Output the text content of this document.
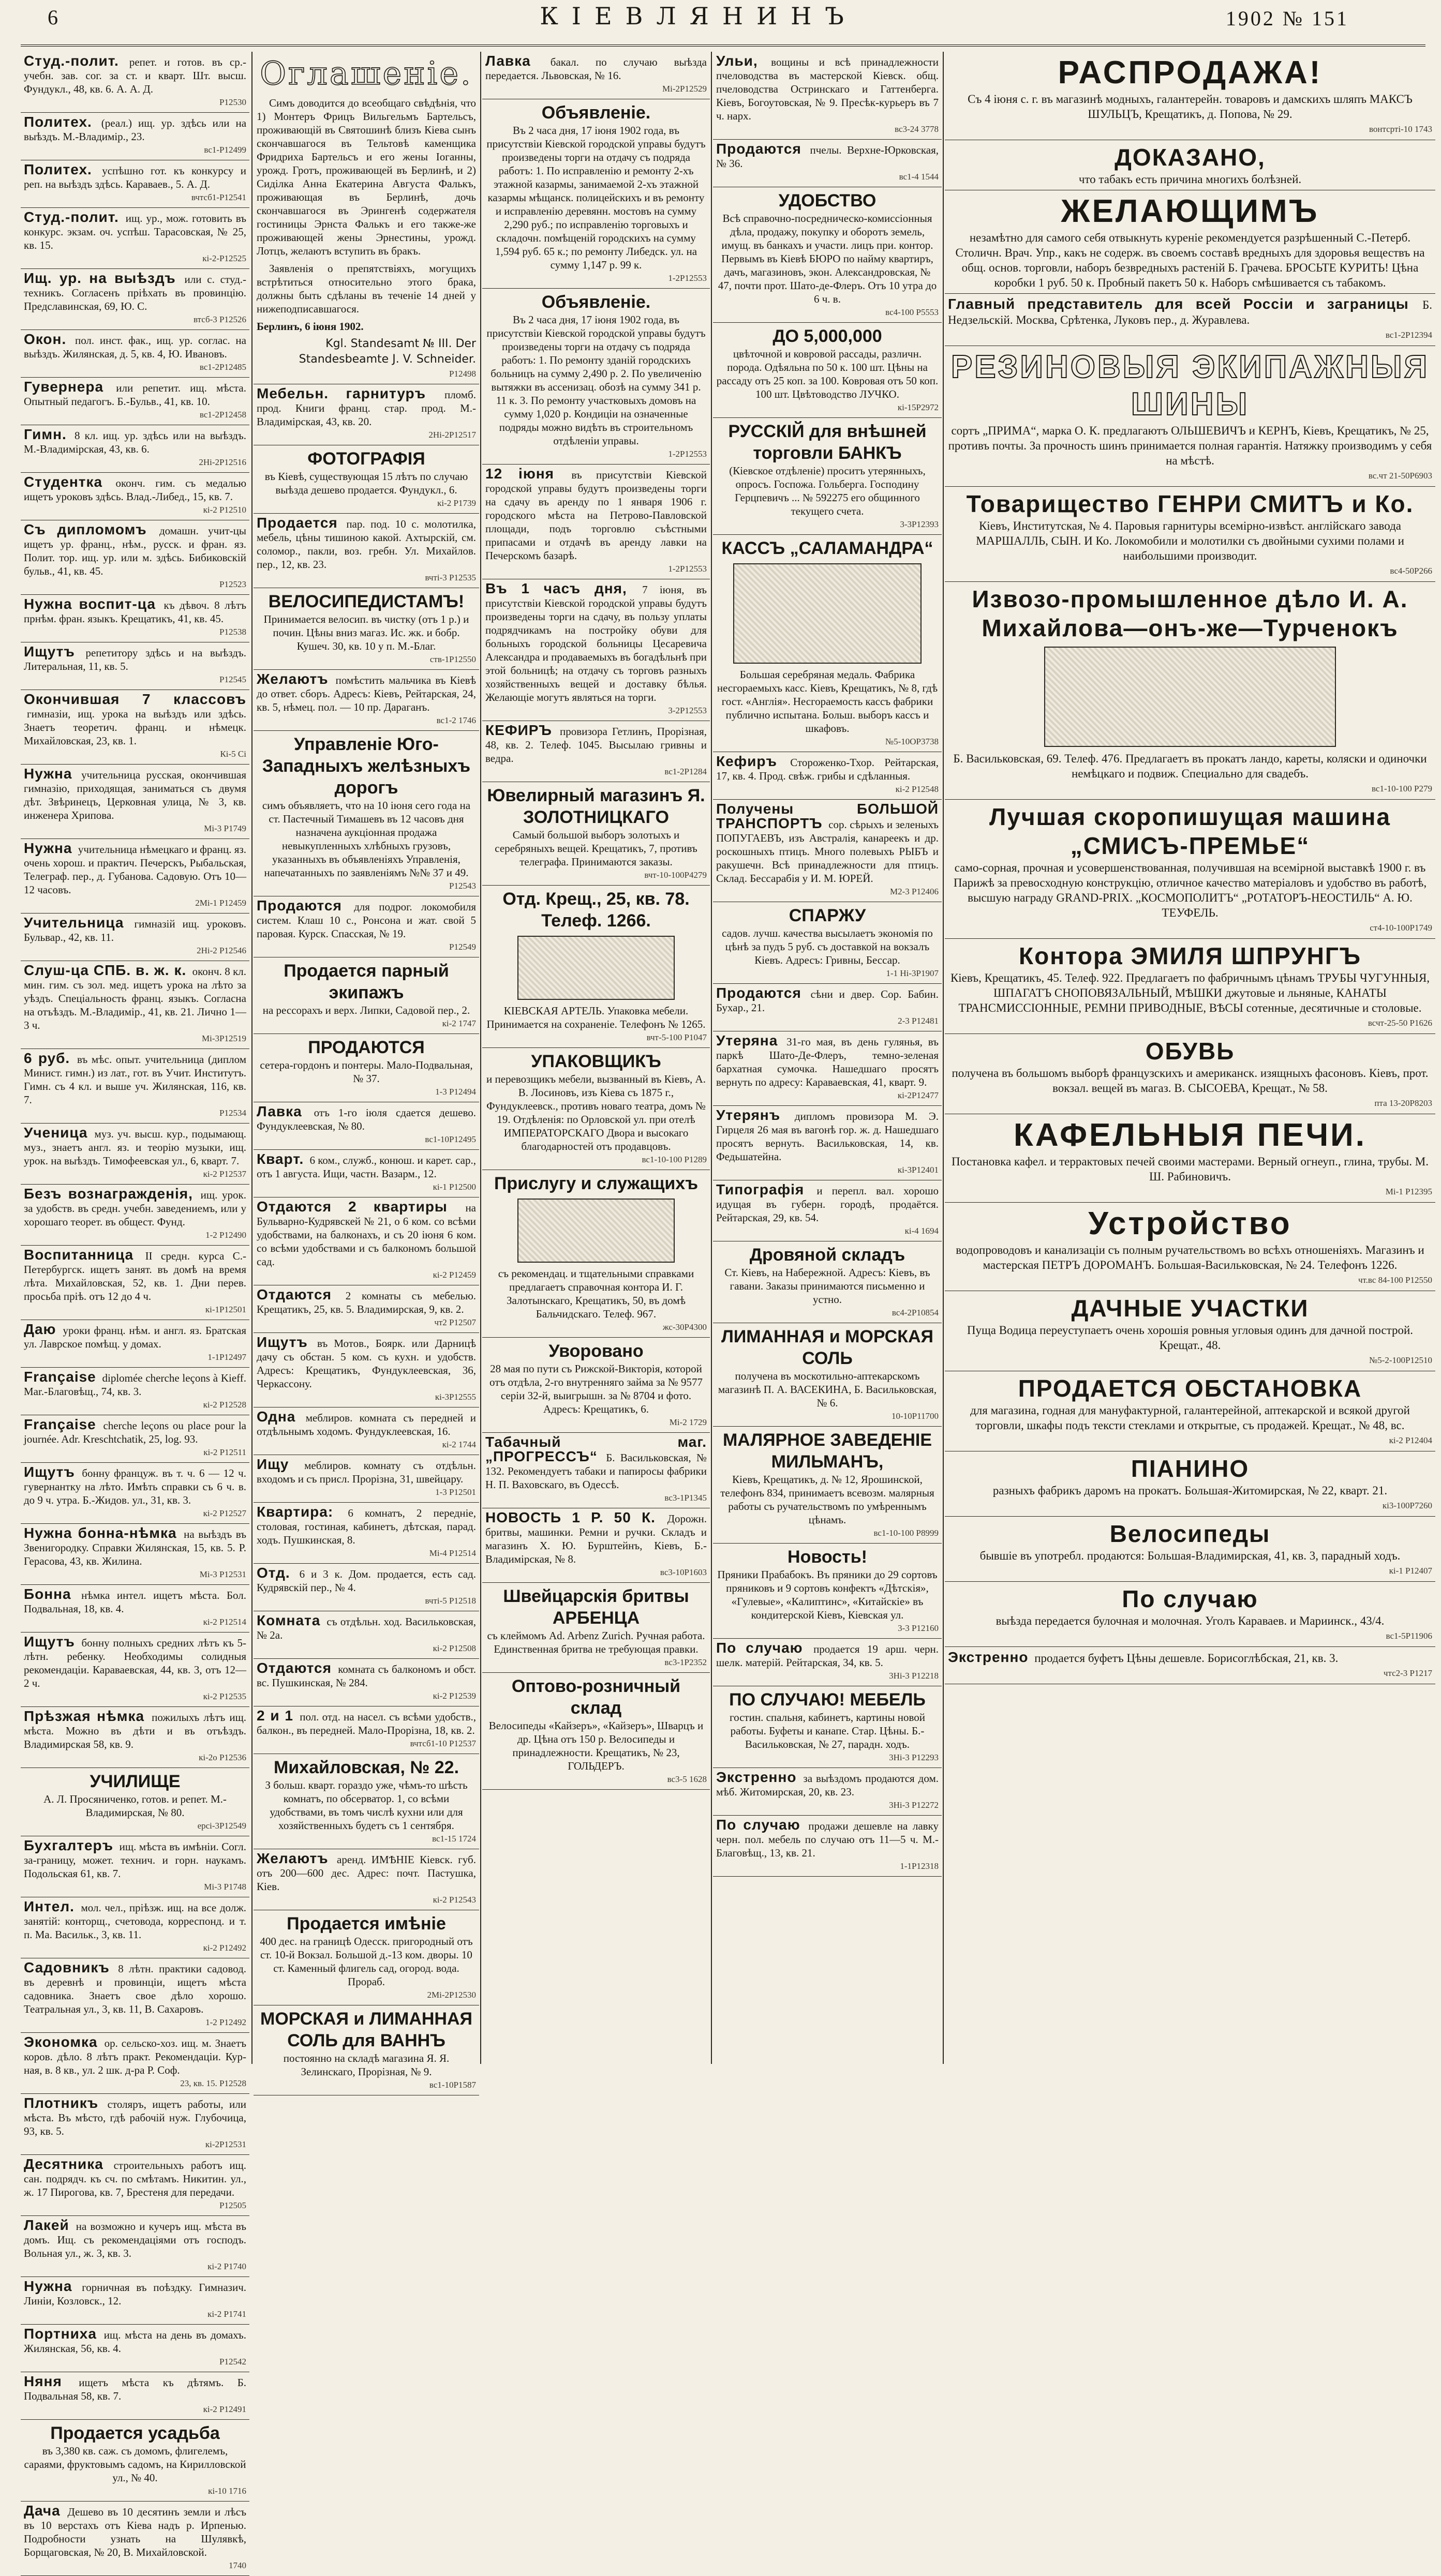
6	КІЕВЛЯНИНЪ	1902 № 151
Студ.-полит. репет. и готов. въ ср.-учебн. зав. сог. за ст. и кварт. Шт. высш. Фундукл., 48, кв. 6. А. А. Д.
Р12530
Политех. (реал.) ищ. ур. здѣсь или на выѣздъ. М.-Владимір., 23.
вс1-Р12499
Политех. успѣшно гот. къ конкурсу и реп. на выѣздъ здѣсь. Караваев., 5. А. Д.
вчтсб1-Р12541
Студ.-полит. ищ. ур., мож. готовить въ конкурс. экзам. оч. успѣш. Тарасовская, № 25, кв. 15.
кі-2-Р12525
Ищ. ур. на выѣздъ или с. студ.-техникъ. Согласенъ пріѣхать въ провинцію. Предславинская, 69, Ю. С.
втсб-3 Р12526
Окон. пол. инст. фак., ищ. ур. соглас. на выѣздъ. Жилянская, д. 5, кв. 4, Ю. Ивановъ.
вс1-2Р12485
Гувернера или репетит. ищ. мѣста. Опытный педагогъ. Б.-Бульв., 41, кв. 10.
вс1-2Р12458
Гимн. 8 кл. ищ. ур. здѣсь или на выѣздъ. М.-Владимірская, 43, кв. 6.
2Ні-2Р12516
Студентка оконч. гим. съ медалью ищетъ уроковъ здѣсь. Влад.-Либед., 15, кв. 7.
кі-2 Р12510
Съ дипломомъ домашн. учит-цы ищетъ ур. франц., нѣм., русск. и фран. яз. Полит. тор. ищ. ур. или м. здѣсь. Бибиковскій бульв., 41, кв. 45.
Р12523
Нужна воспит-ца къ дѣвоч. 8 лѣтъ прнѣм. фран. языкъ. Крещатикъ, 41, кв. 45.
Р12538
Ищутъ репетитору здѣсь и на выѣздъ. Литеральная, 11, кв. 5.
Р12545
Окончившая 7 классовъ гимназіи, ищ. урока на выѣздъ или здѣсь. Знаетъ теоретич. франц. и нѣмецк. Михайловская, 23, кв. 1.
Кі-5 Сі
Нужна учительница русская, окончившая гимназію, приходящая, заниматься съ двумя дѣт. Звѣринецъ, Церковная улица, № 3, кв. инженера Хрипова.
Мі-3 Р1749
Нужна учительница нѣмецкаго и франц. яз. очень хорош. и практич. Печерскъ, Рыбальская, Телеграф. пер., д. Губанова. Садовую. Отъ 10—12 часовъ.
2Мі-1 Р12459
Учительница гимназій ищ. уроковъ. Бульвар., 42, кв. 11.
2Ні-2 Р12546
Слуш-ца СПБ. в. ж. к. оконч. 8 кл. мин. гим. съ зол. мед. ищетъ урока на лѣто за уѣздъ. Спеціальность франц. языкъ. Согласна на отъѣздъ. М.-Владимір., 41, кв. 21. Лично 1—3 ч.
Мі-3Р12519
6 руб. въ мѣс. опыт. учительница (диплом Минист. гимн.) из лат., гот. въ Учит. Институтъ. Гимн. съ 4 кл. и выше уч. Жилянская, 116, кв. 7.
Р12534
Ученица муз. уч. высш. кур., подымающ. муз., знаетъ англ. яз. и теорію музыки, ищ. урок. на выѣздъ. Тимофеевская ул., 6, кварт. 7.
кі-2 Р12537
Безъ вознагражденія, ищ. урок. за удобств. въ средн. учебн. заведениемъ, или у хорошаго теорет. въ общест. Фунд.
1-2 Р12490
Воспитанница II средн. курса С.-Петербургск. ищетъ занят. въ домѣ на время лѣта. Михайловская, 52, кв. 1. Дни перев. просьба пріѣ. отъ 12 до 4 ч.
кі-1Р12501
Даю уроки франц. нѣм. и англ. яз. Братская ул. Лаврское помѣщ. у домах.
1-1Р12497
Française diplomée cherche leçons à Kieff. Mar.-Благовѣщ., 74, кв. 3.
кі-2 Р12528
Française cherche leçons ou place pour la journée. Adr. Kreschtchatik, 25, log. 93.
кі-2 Р12511
Ищутъ бонну француж. въ т. ч. 6 — 12 ч. гувернантку на лѣто. Имѣть справки съ 6 ч. в. до 9 ч. утра. Б.-Жидов. ул., 31, кв. 3.
кі-2 Р12527
Нужна бонна-нѣмка на выѣздъ въ Звенигородку. Справки Жилянская, 15, кв. 5. Р. Герасова, 43, кв. Жилина.
Мі-3 Р12531
Бонна нѣмка интел. ищетъ мѣста. Бол. Подвальная, 18, кв. 4.
кі-2 Р12514
Ищутъ бонну полныхъ средних лѣтъ къ 5-лѣтн. ребенку. Необходимы солидныя рекомендаціи. Караваевская, 44, кв. 3, отъ 12—2 ч.
кі-2 Р12535
Прѣзжая нѣмка пожилыхъ лѣтъ ищ. мѣста. Можно въ дѣти и въ отъѣздъ. Владимирская 58, кв. 9.
кі-2о Р12536
УЧИЛИЩЕ
А. Л. Просяниченко, готов. и репет. М.-Владимирская, № 80.
ерсі-3Р12549
Бухгалтеръ ищ. мѣста въ имѣніи. Согл. за-границу, может. технич. и горн. наукамъ. Подольская 61, кв. 7.
Мі-3 Р1748
Интел. мол. чел., пріѣзж. ищ. на все долж. занятій: конторщ., счетовода, корреспонд. и т. п. Ма. Васильк., 3, кв. 11.
кі-2 Р12492
Садовникъ 8 лѣтн. практики садовод. въ деревнѣ и провинціи, ищетъ мѣста садовника. Знаетъ свое дѣло хорошо. Театральная ул., 3, кв. 11, В. Сахаровъ.
1-2 Р12492
Экономка ор. сельско-хоз. ищ. м. Знаетъ коров. дѣло. 8 лѣтъ практ. Рекомендаціи. Кур-ная, в. 8 кв., ул. 2 шк. д-ра Р. Соф.
23, кв. 15. Р12528
Плотникъ столяръ, ищетъ работы, или мѣста. Въ мѣсто, гдѣ рабочій нуж. Глубочица, 93, кв. 5.
кі-2Р12531
Десятника строительныхъ работъ ищ. сан. подрядч. къ сч. по смѣтамъ. Никитин. ул., ж. 17 Пирогова, кв. 7, Брестеня для передачи.
Р12505
Лакей на возможно и кучеръ ищ. мѣста въ домъ. Ищ. съ рекомендаціями отъ господъ. Вольная ул., ж. 3, кв. 3.
кі-2 Р1740
Нужна горничная въ поѣздку. Гимназич. Линіи, Козловск., 12.
кі-2 Р1741
Портниха ищ. мѣста на день въ домахъ. Жилянская, 56, кв. 4.
Р12542
Няня ищетъ мѣста къ дѣтямъ. Б. Подвальная 58, кв. 7.
кі-2 Р12491
Продается усадьба
въ 3,380 кв. саж. съ домомъ, флигелемъ, сараями, фруктовымъ садомъ, на Кирилловской ул., № 40.
кі-10 1716
Дача Дешево въ 10 десятинъ земли и лѣсъ въ 10 верстахъ отъ Кіева надъ р. Ирпенью. Подробности узнать на Шулявкѣ, Борщаговская, № 20, В. Михайловской.
1740
Оглашеніе.
Симъ доводится до всеобщаго свѣдѣнія, что 1) Монтеръ Фрицъ Вильгельмъ Бартельсъ, проживающій въ Святошинѣ близъ Кіева сынъ скончавшагося въ Тельтовѣ каменщика Фридриха Бартельсъ и его жены Іоганны, урожд. Гротъ, проживающей въ Берлинѣ, и 2) Сиділка Анна Екатерина Августа Фалькъ, проживающая въ Берлинѣ, дочь скончавшагося въ Эрингенѣ содержателя гостиницы Эрнста Фалькъ и его также-же проживающей жены Эрнестины, урожд. Лотцъ, желаютъ вступить въ бракъ.
Заявленія о препятствіяхъ, могущихъ встрѣтиться относительно этого брака, должны быть сдѣланы въ теченіе 14 дней у нижеподписавшагося.
Берлинъ, 6 іюня 1902.
Kgl. Standesamt № III. Der Standesbeamte J. V. Schneider.
Р12498
Мебельн. гарнитуръ пломб. прод. Книги франц. стар. прод. М.-Владимірская, 43, кв. 20.
2Ні-2Р12517
ФОТОГРАФІЯ
въ Кіевѣ, существующая 15 лѣтъ по случаю выѣзда дешево продается. Фундукл., 6.
кі-2 Р1739
Продается пар. под. 10 с. молотилка, мебель, цѣны тишиною какой. Ахтырскій, см. соломор., пакли, воз. гребн. Ул. Михайлов. пер., 12, кв. 23.
вчті-3 Р12535
ВЕЛОСИПЕДИСТАМЪ!
Принимается велосип. въ чистку (отъ 1 р.) и почин. Цѣны вниз магаз. Ис. жк. и бобр. Кушеч. 30, кв. 10 у п. М.-Благ.
ств-1Р12550
Желаютъ помѣстить мальчика въ Кіевѣ до ответ. сборъ. Адресъ: Кіевъ, Рейтарская, 24, кв. 5, нѣмец. пол. — 10 пр. Дараганъ.
вс1-2 1746
Управленіе Юго-Западныхъ желѣзныхъ дорогъ
симъ объявляетъ, что на 10 іюня сего года на ст. Пастечный Тимашевъ въ 12 часовъ дня назначена аукціонная продажа невыкупленныхъ хлѣбныхъ грузовъ, указанныхъ въ объявленіяхъ Управленія, напечатанныхъ по заявленіямъ №№ 37 и 49.
Р12543
Продаются для подрог. локомобиля систем. Клаш 10 с., Ронсона и жат. свой 5 паровая. Курск. Спасская, № 19.
Р12549
Продается парный экипажъ
на рессорахъ и верх. Липки, Садовой пер., 2.
кі-2 1747
ПРОДАЮТСЯ
сетера-гордонъ и понтеры. Мало-Подвальная, № 37.
1-3 Р12494
Лавка отъ 1-го іюля сдается дешево. Фундуклеевская, № 80.
вс1-10Р12495
Кварт. 6 ком., служб., конюш. и карет. сар., отъ 1 августа. Ищи, частн. Вазарм., 12.
кі-1 Р12500
Отдаются 2 квартиры на Бульварно-Кудрявскей № 21, о 6 ком. со всѣми удобствами, на балконахъ, и съ 20 іюня 6 ком. со всѣми удобствами и съ балкономъ большой сад.
кі-2 Р12459
Отдаются 2 комнаты съ мебелью. Крещатикъ, 25, кв. 5. Владимирская, 9, кв. 2.
чт2 Р12507
Ищутъ въ Мотов., Боярк. или Дарницѣ дачу съ обстан. 5 ком. съ кухн. и удобств. Адресъ: Крещатикъ, Фундуклеевская, 36, Черкассону.
кі-3Р12555
Одна меблиров. комната съ передней и отдѣльнымъ ходомъ. Фундуклеевская, 16.
кі-2 1744
Ищу меблиров. комнату съ отдѣльн. входомъ и съ присл. Прорізна, 31, швейцару.
1-3 Р12501
Квартира: 6 комнатъ, 2 передніе, столовая, гостиная, кабинетъ, дѣтская, парад. ходъ. Пушкинская, 8.
Мі-4 Р12514
Отд. 6 и 3 к. Дом. продается, есть сад. Кудрявскій пер., № 4.
вчті-5 Р12518
Комната съ отдѣльн. ход. Васильковская, № 2а.
кі-2 Р12508
Отдаются комната съ балкономъ и обст. вс. Пушкинская, № 284.
кі-2 Р12539
2 и 1 пол. отд. на насел. съ всѣми удобств., балкон., въ передней. Мало-Прорізна, 18, кв. 2.
вчтсб1-10 Р12537
Михайловская, № 22.
З больш. кварт. гораздо уже, чѣмъ-то шѣсть комнатъ, по обсерватор. 1, со всѣми удобствами, въ томъ числѣ кухни или для хозяйственныхъ будетъ съ 1 сентября.
вс1-15 1724
Желаютъ аренд. ИМѢНІЕ Кіевск. губ. отъ 200—600 дес. Адрес: почт. Пастушка, Кіев.
кі-2 Р12543
Продается имѣніе
400 дес. на границѣ Одесск. пригородный отъ ст. 10-й Вокзал. Большой д.-13 ком. дворы. 10 ст. Каменный флигель сад, огород. вода. Прораб.
2Мі-2Р12530
МОРСКАЯ и ЛИМАННАЯ СОЛЬ для ВАННЪ
постоянно на складѣ магазина Я. Я. Зелинскаго, Прорізная, № 9.
вс1-10Р1587
Лавка бакал. по случаю выѣзда передается. Львовская, № 16.
Мі-2Р12529
Объявленіе.
Въ 2 часа дня, 17 іюня 1902 года, въ присутствіи Кіевской городской управы будутъ произведены торги на отдачу съ подряда работъ: 1. По исправленію и ремонту 2-хъ этажной казармы, занимаемой 2-хъ этажной казармы мѣщанск. полицейскихъ и въ ремонту и исправленію деревянн. мостовъ на сумму 2,290 руб.; по исправленію торговыхъ и складочн. помѣщеній городскихъ на сумму 1,594 руб. 65 к.; по ремонту Либедск. ул. на сумму 1,147 р. 99 к.
1-2Р12553
Объявленіе.
Въ 2 часа дня, 17 іюня 1902 года, въ присутствіи Кіевской городской управы будутъ произведены торги на отдачу съ подряда работъ: 1. По ремонту зданій городскихъ больницъ на сумму 2,490 р. 2. По увеличенію вытяжки въ ассенизац. обозѣ на сумму 341 р. 11 к. 3. По ремонту участковыхъ домовъ на сумму 1,020 р. Кондиціи на означенные подряды можно видѣть въ строительномъ отдѣленіи управы.
1-2Р12553
12 іюня въ присутствіи Кіевской городской управы будутъ произведены торги на сдачу въ аренду по 1 января 1906 г. городского мѣста на Петрово-Павловской площади, подъ торговлю съѣстными припасами и отдачѣ въ аренду лавки на Печерскомъ базарѣ.
1-2Р12553
Въ 1 часъ дня, 7 іюня, въ присутствіи Кіевской городской управы будутъ произведены торги на сдачу, въ пользу уплаты подрядчикамъ на постройку обуви для больныхъ городской больницы Цесаревича Александра и продаваемыхъ въ богадѣльнѣ при этой больницѣ; на отдачу съ торговъ разныхъ хозяйственныхъ вещей и доставку бѣлья. Желающіе могутъ являться на торги.
3-2Р12553
КЕФИРЪ провизора Гетлинъ, Прорізная, 48, кв. 2. Телеф. 1045. Высылаю гривны и ведра.
вс1-2Р1284
Ювелирный магазинъ Я. ЗОЛОТНИЦКАГО
Самый большой выборъ золотыхъ и серебряныхъ вещей. Крещатикъ, 7, противъ телеграфа. Принимаются заказы.
вчт-10-100Р4279
Отд. Крещ., 25, кв. 78. Телеф. 1266.
КІЕВСКАЯ АРТЕЛЬ. Упаковка мебели. Принимается на сохраненіе. Телефонъ № 1265.
вчт-5-100 Р1047
УПАКОВЩИКЪ
и перевозщикъ мебели, вызванный въ Кіевъ, А. В. Лосиновъ, изъ Кіева съ 1875 г., Фундуклеевск., противъ новаго театра, домъ № 19. Отдѣленія: по Орловской ул. при отелѣ ИМПЕРАТОРСКАГО Двора и высокаго благодарностей отъ продавцовъ.
вс1-10-100 Р1289
Прислугу и служащихъ
съ рекомендац. и тщательными справками предлагаетъ справочная контора И. Г. Залотынскаго, Крещатикъ, 50, въ домѣ Бальчидскаго. Телеф. 967.
жс-30Р4300
Уворовано
28 мая по пути съ Рижской-Викторія, которой отъ отдѣла, 2-го внутренняго займа за № 9577 серіи 32-й, выигрышн. за № 8704 и фото. Адресъ: Крещатикъ, 6.
Мі-2 1729
Табачный маг. „ПРОГРЕССЪ“ Б. Васильковская, № 132. Рекомендуетъ табаки и папиросы фабрики Н. П. Ваховскаго, въ Одессѣ.
вс3-1Р1345
НОВОСТЬ 1 Р. 50 К. Дорожн. бритвы, машинки. Ремни и ручки. Складъ и магазинъ Х. Ю. Бурштейнъ, Кіевъ, Б.-Владимірская, № 8.
вс3-10Р1603
Швейцарскія бритвы АРБЕНЦА
съ клеймомъ Ad. Arbenz Zurich. Ручная работа. Единственная бритва не требующая правки.
вс3-1Р2352
Оптово-розничный склад
Велосипеды «Кайзеръ», «Кайзеръ», Шварцъ и др. Цѣна отъ 150 р. Велосипеды и принадлежности. Крещатикъ, № 23, ГОЛЬДЕРЪ.
вс3-5 1628
Ульи, вощины и всѣ принадлежности пчеловодства въ мастерской Кіевск. общ. пчеловодства Остринскаго и Гаттенберга. Кіевъ, Богоутовская, № 9. Пресѣк-курьеръ въ 7 ч. нарх.
вс3-24 3778
Продаются пчелы. Верхне-Юрковская, № 36.
вс1-4 1544
УДОБСТВО
Всѣ справочно-посредническо-комиссіонныя дѣла, продажу, покупку и оборотъ земель, имущ. въ банкахъ и участи. лицъ при. контор. Первымъ въ Кіевѣ БЮРО по найму квартиръ, дачъ, магазиновъ, экон. Александровская, № 47, почти прот. Шато-де-Флеръ. Отъ 10 утра до 6 ч. в.
вс4-100 Р5553
ДО 5,000,000
цвѣточной и ковровой рассады, различн. порода. Одѣяльна по 50 к. 100 шт. Цѣны на рассаду отъ 25 коп. за 100. Ковровая отъ 50 коп. 100 шт. Цвѣтоводство ЛУЧКО.
кі-15Р2972
РУССКІЙ для внѣшней торговли БАНКЪ
(Кіевское отдѣленіе) проситъ утерянныхъ, опросъ. Госпожа. Гольберга. Господину Герцпевичъ ... № 592275 его общинного текущего счета.
3-3Р12393
КАССЪ „САЛАМАНДРА“
Большая серебряная медаль. Фабрика несгораемыхъ касс. Кіевъ, Крещатикъ, № 8, гдѣ гост. «Англія». Несгораемость кассъ фабрики публично испытана. Больш. выборъ кассъ и шкафовъ.
№5-10ОР3738
Кефиръ Стороженко-Тхор. Рейтарская, 17, кв. 4. Прод. свѣж. грибы и сдѣланныя.
кі-2 Р12548
Получены БОЛЬШОЙ ТРАНСПОРТЪ сор. сѣрыхъ и зеленыхъ ПОПУГАЕВЪ, изъ Австралія, канареекъ и др. роскошныхъ птицъ. Много полевыхъ РЫБЪ и ракушечн. Всѣ принадлежности для птицъ. Склад. Бессарабія у И. М. ЮРЕЙ.
М2-3 Р12406
СПАРЖУ
садов. лучш. качества высылаетъ экономія по цѣнѣ за пудъ 5 руб. съ доставкой на вокзалъ Кіевъ. Адресъ: Гривны, Бессар.
1-1 Ні-3Р1907
Продаются сѣни и двер. Сор. Бабин. Бухар., 21.
2-3 Р12481
Утеряна 31-го мая, въ день гулянья, въ паркѣ Шато-Де-Флеръ, темно-зеленая бархатная сумочка. Нашедшаго просятъ вернуть по адресу: Караваевская, 41, кварт. 9.
кі-2Р12477
Утерянъ дипломъ провизора М. Э. Гирцеля 26 мая въ вагонѣ гор. ж. д. Нашедшаго просятъ вернуть. Васильковская, 14, кв. Федьшатейна.
кі-3Р12401
Типографія и перепл. вал. хорошо идущая въ губерн. городѣ, продаётся. Рейтарская, 29, кв. 54.
кі-4 1694
Дровяной складъ
Ст. Кіевъ, на Набережной. Адресъ: Кіевъ, въ гавани. Заказы принимаются письменно и устно.
вс4-2Р10854
ЛИМАННАЯ и МОРСКАЯ СОЛЬ
получена въ москотильно-аптекарскомъ магазинѣ П. А. ВАСЕКИНА, Б. Васильковская, № 6.
10-10Р11700
МАЛЯРНОЕ ЗАВЕДЕНІЕ МИЛЬМАНЪ,
Кіевъ, Крещатикъ, д. № 12, Ярошинской, телефонъ 834, принимаетъ всевозм. малярныя работы съ ручательствомъ по умѣреннымъ цѣнамъ.
вс1-10-100 Р8999
Новость!
Пряники Прабабокъ. Въ пряники до 29 сортовъ пряниковъ и 9 сортовъ конфектъ «Дѣтскія», «Гулевые», «Калиптинс», «Китайскіе» въ кондитерской Кіевъ, Кіевская ул.
3-3 Р12160
По случаю продается 19 арш. черн. шелк. матерій. Рейтарская, 34, кв. 5.
3Ні-3 Р12218
ПО СЛУЧАЮ! МЕБЕЛЬ
гостин. спальня, кабинетъ, картины новой работы. Буфеты и канапе. Стар. Цѣны. Б.-Васильковская, № 27, парадн. ходъ.
3Ні-3 Р12293
Экстренно за выѣздомъ продаются дом. мѣб. Житомирская, 20, кв. 23.
3Ні-3 Р12272
По случаю продажи дешевле на лавку черн. пол. мебель по случаю отъ 11—5 ч. М.-Благовѣщ., 13, кв. 21.
1-1Р12318
РАСПРОДАЖА!
Съ 4 іюня с. г. въ магазинѣ модныхъ, галантерейн. товаровъ и дамскихъ шляпъ МАКСЪ ШУЛЬЦЪ, Крещатикъ, д. Попова, № 29.
вонтсрті-10 1743
ДОКАЗАНО,
что табакъ есть причина многихъ болѣзней.
ЖЕЛАЮЩИМЪ
незамѣтно для самого себя отвыкнуть куреніе рекомендуется разрѣшенный С.-Петерб. Столичн. Врач. Упр., какъ не содерж. въ своемъ составѣ вредныхъ для здоровья веществъ на общ. основ. торговли, наборъ безвредныхъ растеній Б. Грачева. БРОСЬТЕ КУРИТЬ! Цѣна коробки 1 руб. 50 к. Пробный пакетъ 50 к. Наборъ смѣшивается съ табакомъ.
Главный представитель для всей Россіи и заграницы Б. Недзельскій. Москва, Срѣтенка, Луковъ пер., д. Журавлева.
вс1-2Р12394
РЕЗИНОВЫЯ ЭКИПАЖНЫЯ ШИНЫ
сортъ „ПРИМА“, марка О. К. предлагаютъ ОЛЬШЕВИЧЪ и КЕРНЪ, Кіевъ, Крещатикъ, № 25, противъ почты. За прочность шинъ принимается полная гарантія. Натяжку производимъ у себя на мѣстѣ.
вс.чт 21-50Р6903
Товарищество ГЕНРИ СМИТЪ и Ко.
Кіевъ, Институтская, № 4. Паровыя гарнитуры всемірно-извѣст. англійскаго завода МАРШАЛЛЬ, СЫН. И Ко. Локомобили и молотилки съ двойными сухими полами и наибольшими производит.
вс4-50Р266
Извозо-промышленное дѣло И. А. Михайлова—онъ-же—Турченокъ
Б. Васильковская, 69. Телеф. 476. Предлагаетъ въ прокатъ ландо, кареты, коляски и одиночки немѣцкаго и подвиж. Специально для свадебъ.
вс1-10-100 Р279
Лучшая скоропишущая машина „СМИСЪ-ПРЕМЬЕ“
само-сорная, прочная и усовершенствованная, получившая на всемірной выставкѣ 1900 г. въ Парижѣ за превосходную конструкцію, отличное качество матеріаловъ и удобство въ работѣ, высшую награду GRAND-PRIX. „КОСМОПОЛИТЪ“ „РОТАТОРЪ-НЕОСТИЛЬ“ А. Ю. ТЕУФЕЛЬ.
ст4-10-100Р1749
Контора ЭМИЛЯ ШПРУНГЪ
Кіевъ, Крещатикъ, 45. Телеф. 922. Предлагаетъ по фабричнымъ цѣнамъ ТРУБЫ ЧУГУННЫЯ, ШПАГАТЪ СНОПОВЯЗАЛЬНЫЙ, МѢШКИ джутовые и льняные, КАНАТЫ ТРАНСМИССІОННЫЕ, РЕМНИ ПРИВОДНЫЕ, ВѢСЫ сотенные, десятичные и столовые.
всчт-25-50 Р1626
ОБУВЬ
получена въ большомъ выборѣ французскихъ и американск. изящныхъ фасоновъ. Кіевъ, прот. вокзал. вещей въ магаз. В. СЫСОЕВА, Крещат., № 58.
пта 13-20Р8203
КАФЕЛЬНЫЯ ПЕЧИ.
Постановка кафел. и террактовых печей своими мастерами. Верный огнеуп., глина, трубы. М. Ш. Рабиновичъ.
Мі-1 Р12395
Устройство
водопроводовъ и канализаціи съ полным ручательствомъ во всѣхъ отношеніяхъ. Магазинъ и мастерская ПЕТРЪ ДОРОМАНЪ. Большая-Васильковская, № 24. Телефонъ 1226.
чт.вс 84-100 Р12550
ДАЧНЫЕ УЧАСТКИ
Пуща Водица переуступаетъ очень хорошія ровныя угловыя одинъ для дачной построй. Крещат., 48.
№5-2-100Р12510
ПРОДАЕТСЯ ОБСТАНОВКА
для магазина, годная для мануфактурной, галантерейной, аптекарской и всякой другой торговли, шкафы подъ тексти стеклами и открытые, съ продажей. Крещат., № 48, вс.
кі-2 Р12404
ПІАНИНО
разныхъ фабрикъ даромъ на прокатъ. Большая-Житомирская, № 22, кварт. 21.
кі3-100Р7260
Велосипеды
бывшіе въ употребл. продаются: Большая-Владимирская, 41, кв. 3, парадный ходъ.
кі-1 Р12407
По случаю
выѣзда передается булочная и молочная. Уголъ Караваев. и Мариинск., 43/4.
вс1-5Р11906
Экстренно продается буфетъ Цѣны дешевле. Борисоглѣбская, 21, кв. 3.
чтс2-3 Р1217
